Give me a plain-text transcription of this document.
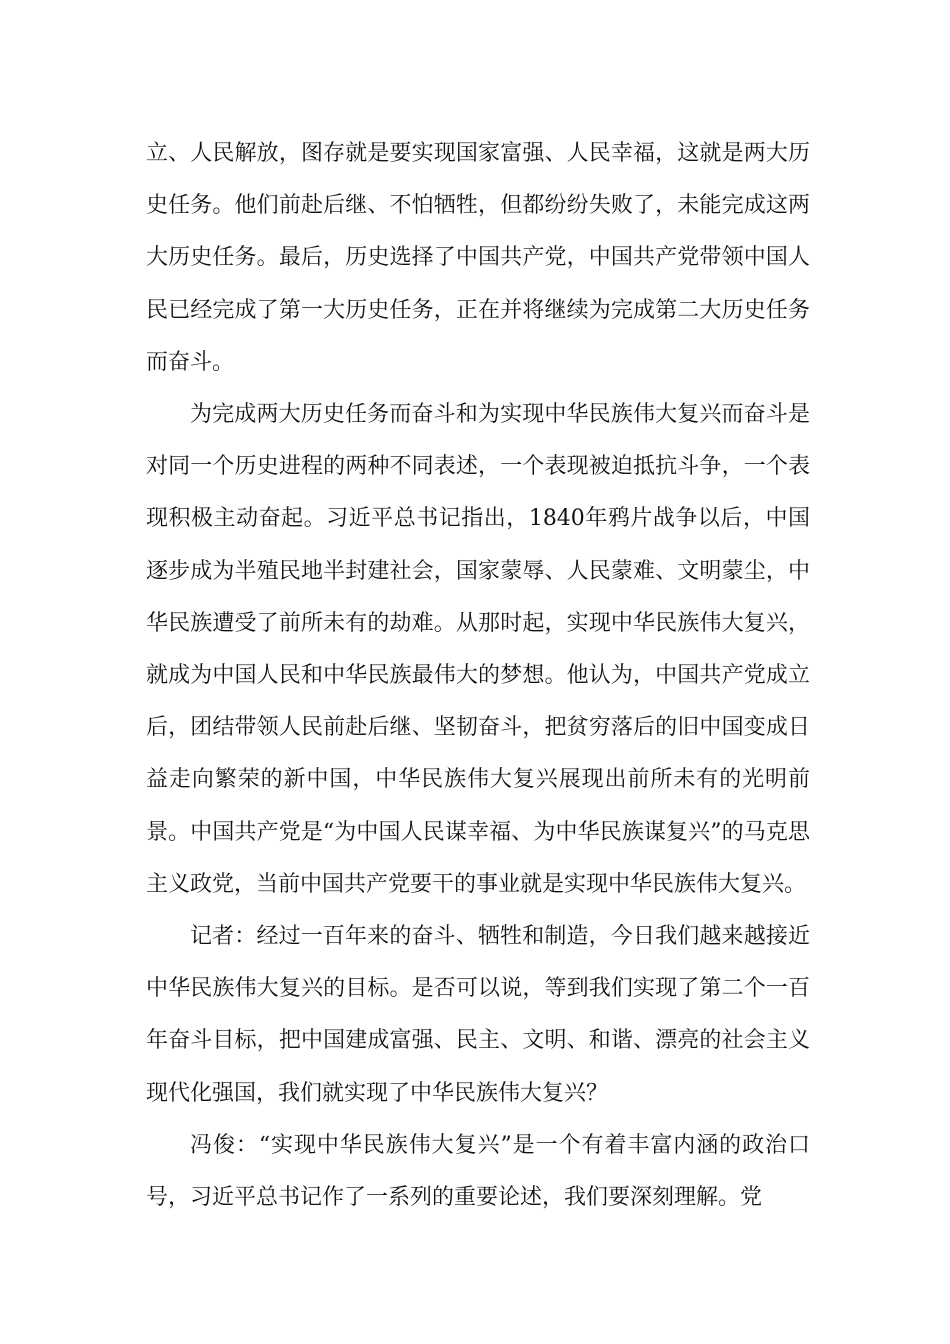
立、人民解放，图存就是要实现国家富强、人民幸福，这就是两大历史任务。他们前赴后继、不怕牺牲，但都纷纷失败了，未能完成这两大历史任务。最后，历史选择了中国共产党，中国共产党带领中国人民已经完成了第一大历史任务，正在并将继续为完成第二大历史任务而奋斗。

为完成两大历史任务而奋斗和为实现中华民族伟大复兴而奋斗是对同一个历史进程的两种不同表述，一个表现被迫抵抗斗争，一个表现积极主动奋起。习近平总书记指出，1840年鸦片战争以后，中国逐步成为半殖民地半封建社会，国家蒙辱、人民蒙难、文明蒙尘，中华民族遭受了前所未有的劫难。从那时起，实现中华民族伟大复兴，就成为中国人民和中华民族最伟大的梦想。他认为，中国共产党成立后，团结带领人民前赴后继、坚韧奋斗，把贫穷落后的旧中国变成日益走向繁荣的新中国，中华民族伟大复兴展现出前所未有的光明前景。中国共产党是“为中国人民谋幸福、为中华民族谋复兴”的马克思主义政党，当前中国共产党要干的事业就是实现中华民族伟大复兴。

记者：经过一百年来的奋斗、牺牲和制造，今日我们越来越接近中华民族伟大复兴的目标。是否可以说，等到我们实现了第二个一百年奋斗目标，把中国建成富强、民主、文明、和谐、漂亮的社会主义现代化强国，我们就实现了中华民族伟大复兴？

冯俊：“实现中华民族伟大复兴”是一个有着丰富内涵的政治口号，习近平总书记作了一系列的重要论述，我们要深刻理解。党
